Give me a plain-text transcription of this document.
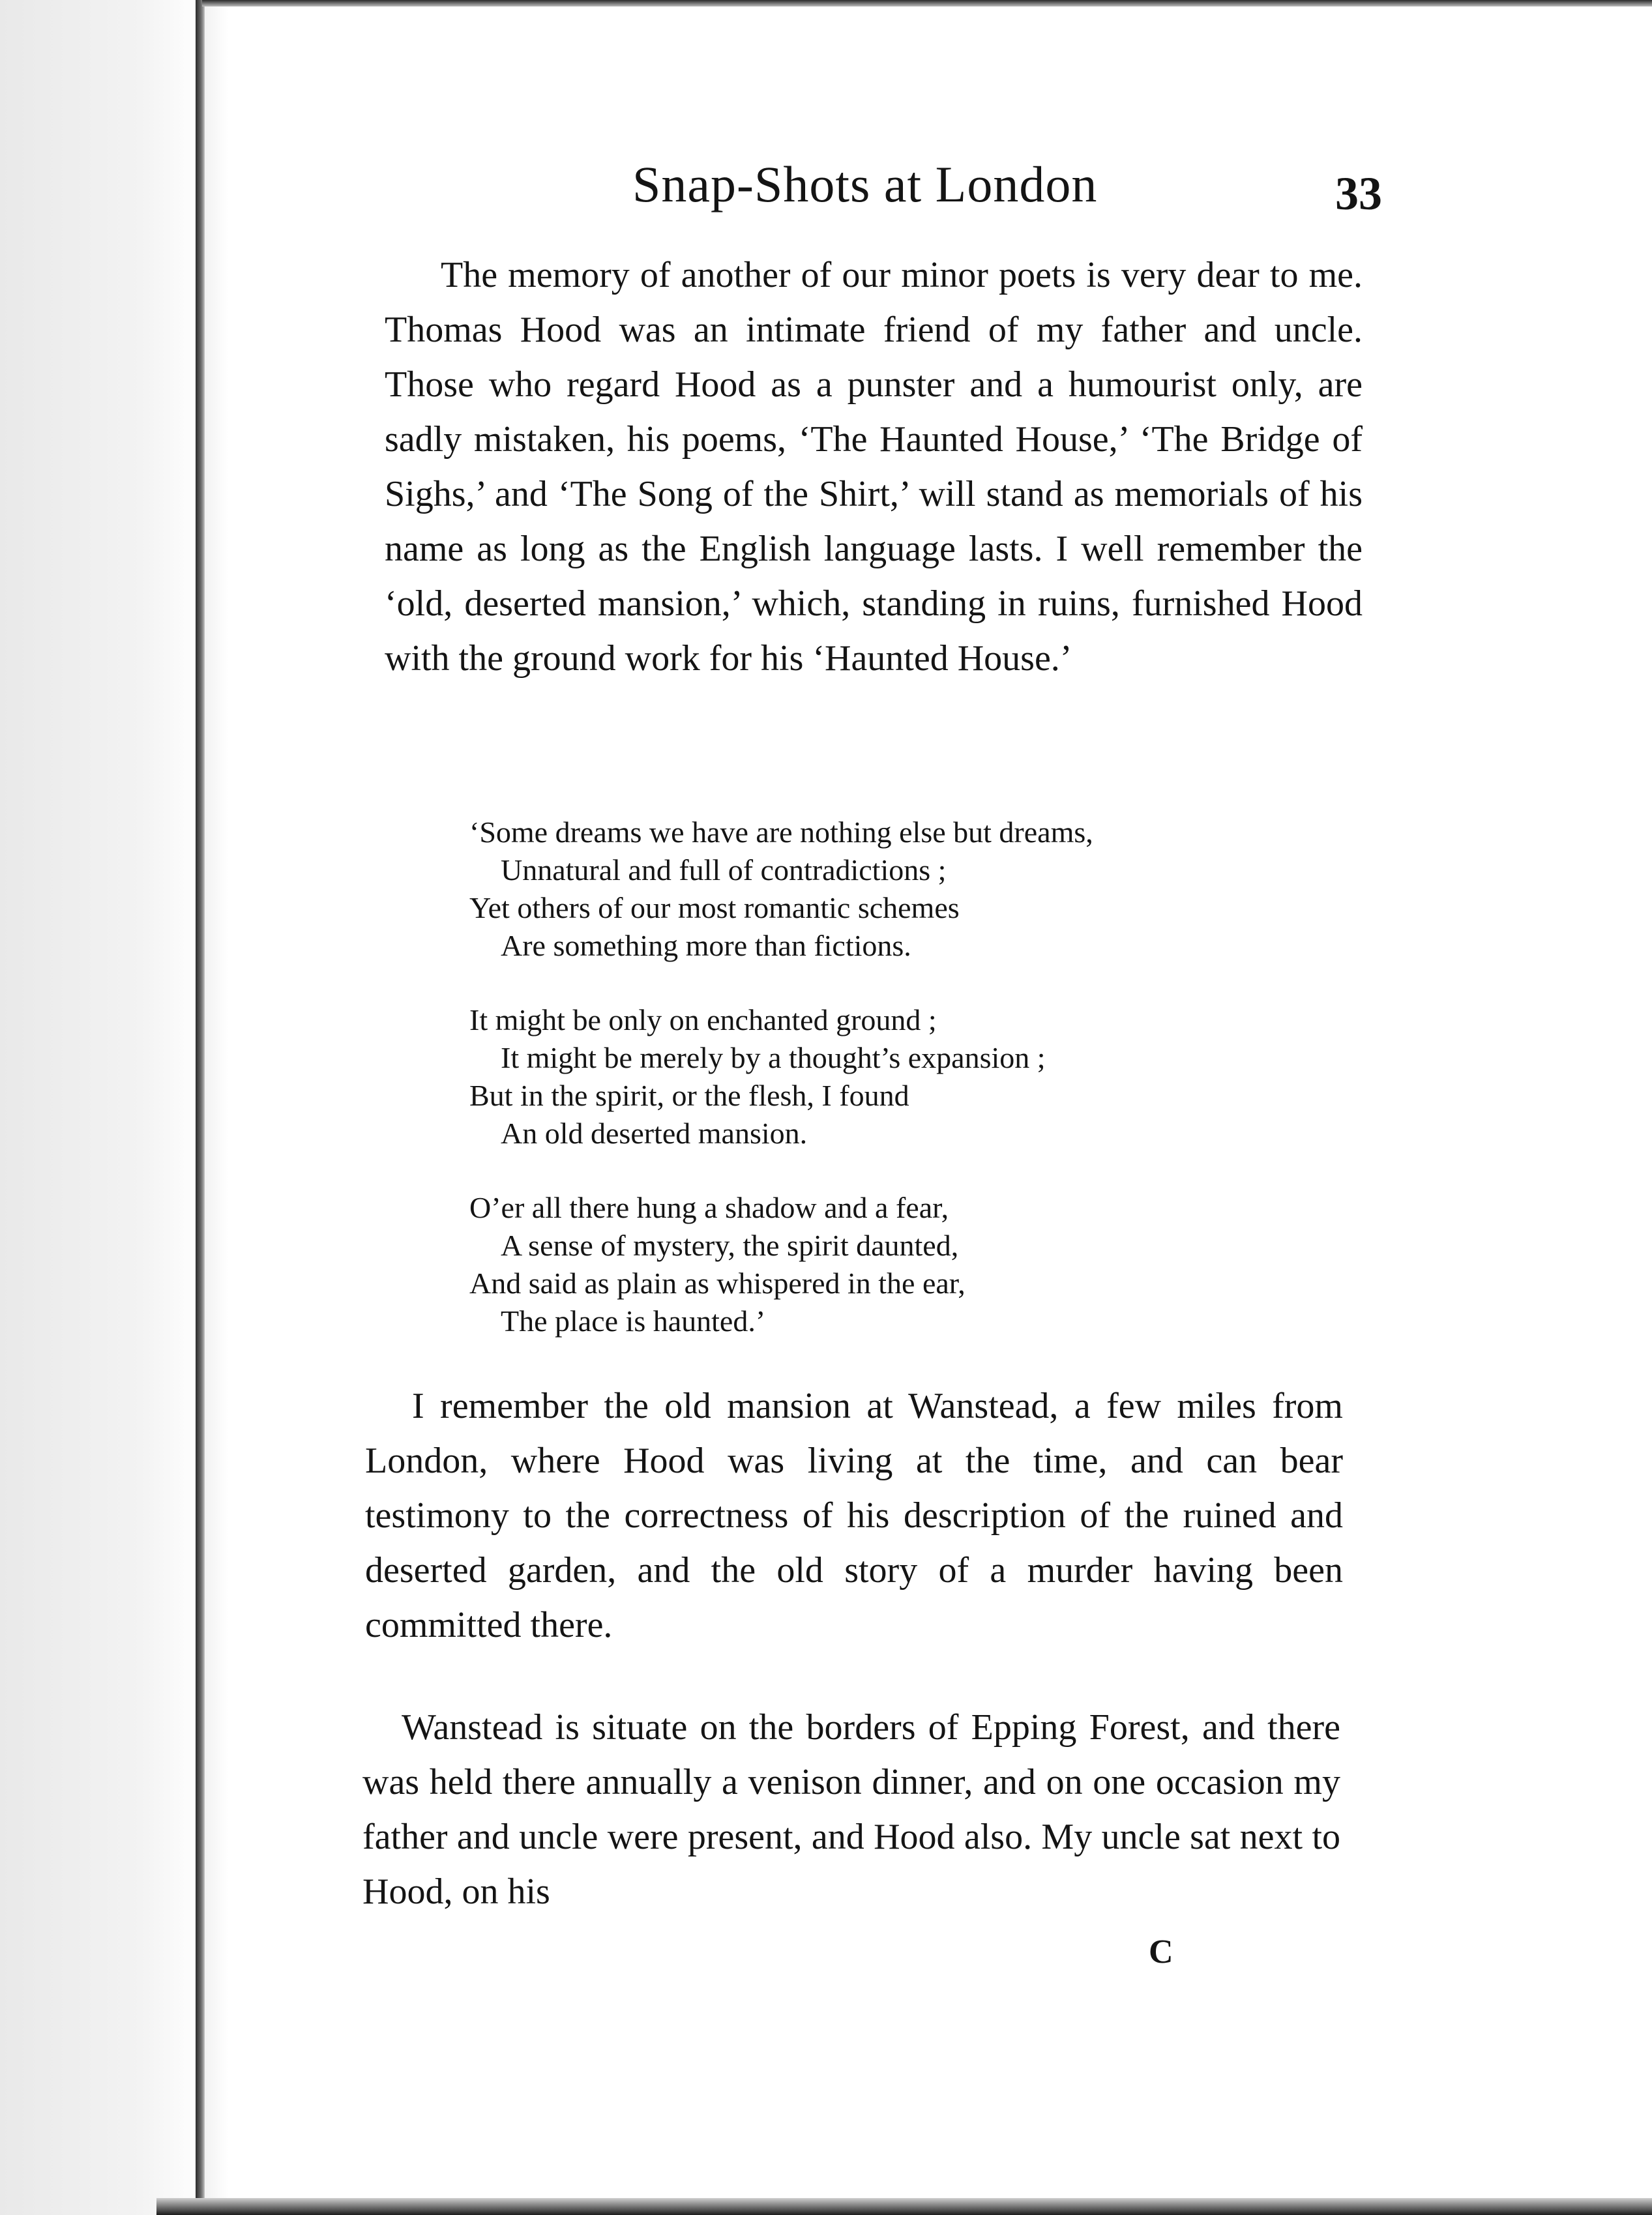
Snap-Shots at London	33

The memory of another of our minor poets is very dear to me. Thomas Hood was an intimate friend of my father and uncle. Those who regard Hood as a punster and a humourist only, are sadly mistaken, his poems, ‘The Haunted House,’ ‘The Bridge of Sighs,’ and ‘The Song of the Shirt,’ will stand as memorials of his name as long as the English language lasts. I well remember the ‘old, deserted mansion,’ which, standing in ruins, furnished Hood with the ground work for his ‘Haunted House.’

‘Some dreams we have are nothing else but dreams,
Unnatural and full of contradictions ;
Yet others of our most romantic schemes
Are something more than fictions.
It might be only on enchanted ground ;
It might be merely by a thought’s expansion ;
But in the spirit, or the flesh, I found
An old deserted mansion.
O’er all there hung a shadow and a fear,
A sense of mystery, the spirit daunted,
And said as plain as whispered in the ear,
The place is haunted.’

I remember the old mansion at Wanstead, a few miles from London, where Hood was living at the time, and can bear testimony to the correctness of his description of the ruined and deserted garden, and the old story of a murder having been committed there.

Wanstead is situate on the borders of Epping Forest, and there was held there annually a venison dinner, and on one occasion my father and uncle were present, and Hood also. My uncle sat next to Hood, on his

C
